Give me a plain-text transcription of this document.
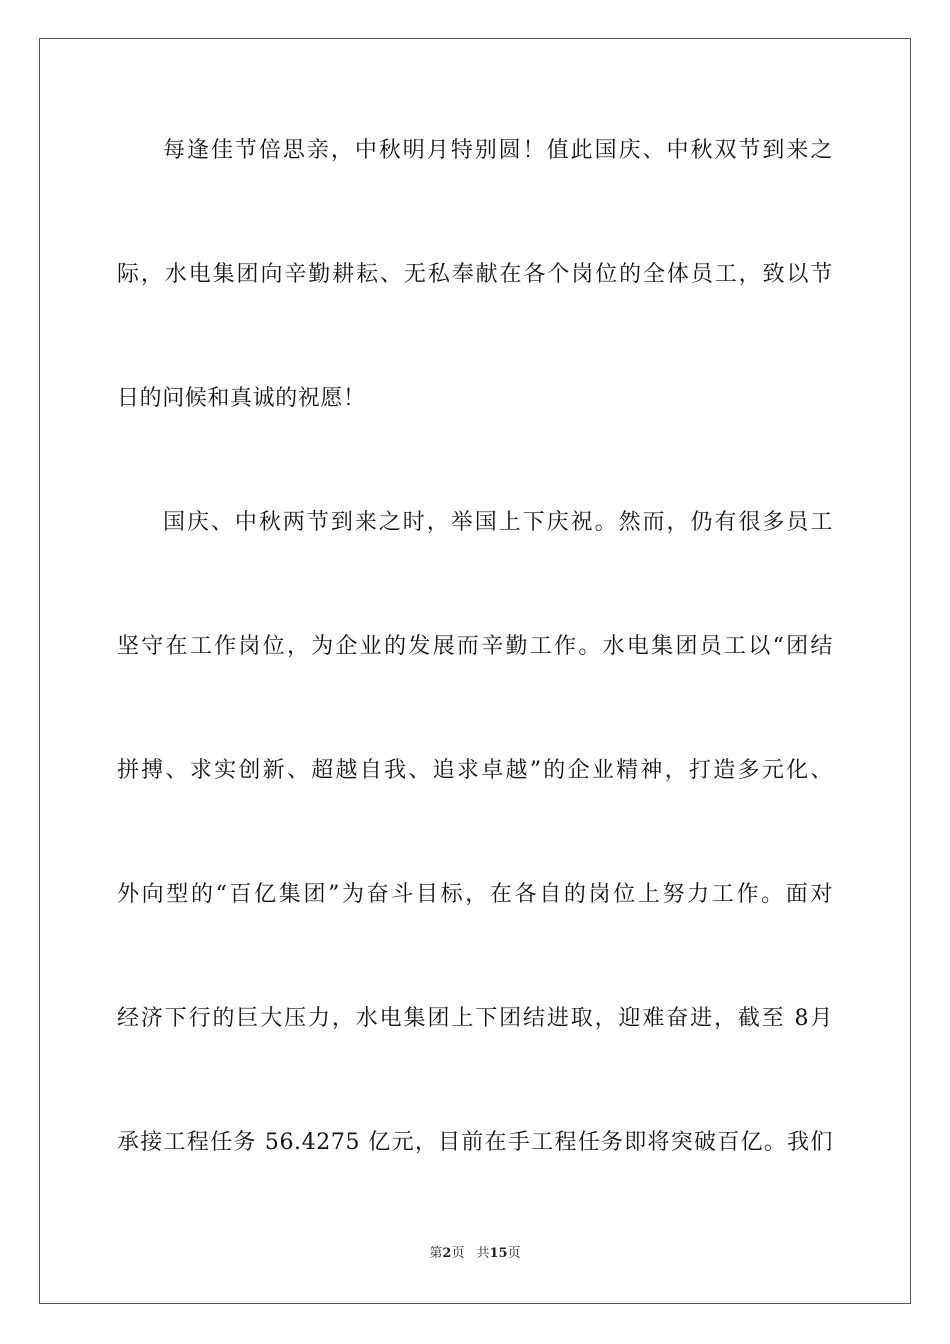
每逢佳节倍思亲，中秋明月特别圆！值此国庆、中秋双节到来之
际，水电集团向辛勤耕耘、无私奉献在各个岗位的全体员工，致以节
日的问候和真诚的祝愿！
国庆、中秋两节到来之时，举国上下庆祝。然而，仍有很多员工
坚守在工作岗位，为企业的发展而辛勤工作。水电集团员工以“团结
拼搏、求实创新、超越自我、追求卓越”的企业精神，打造多元化、
外向型的“百亿集团”为奋斗目标，在各自的岗位上努力工作。面对
经济下行的巨大压力，水电集团上下团结进取，迎难奋进，截至 8月
承接工程任务 56.4275 亿元，目前在手工程任务即将突破百亿。我们
第2页 共15页
